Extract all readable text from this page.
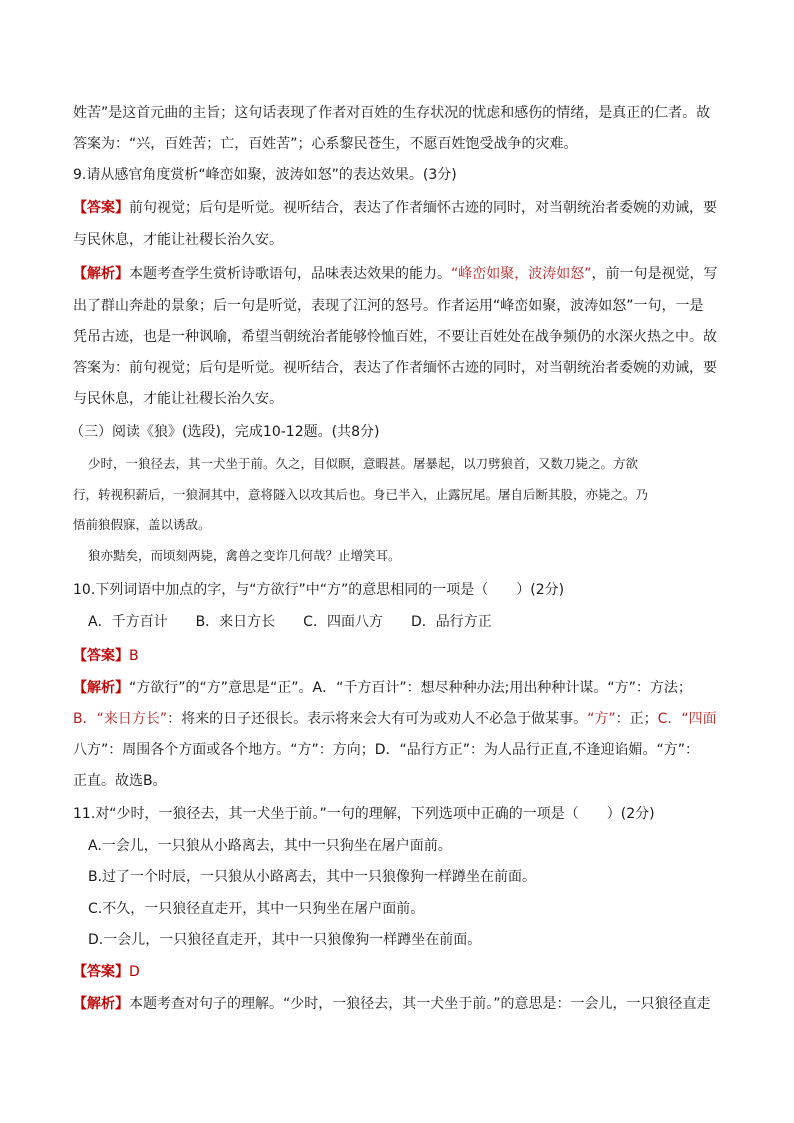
姓苦”是这首元曲的主旨；这句话表现了作者对百姓的生存状况的忧虑和感伤的情绪，是真正的仁者。故
答案为：“兴，百姓苦；亡，百姓苦”；心系黎民苍生，不愿百姓饱受战争的灾难。
9.请从感官角度赏析“峰峦如聚，波涛如怒”的表达效果。(3分)
【答案】前句视觉；后句是听觉。视听结合，表达了作者缅怀古迹的同时，对当朝统治者委婉的劝诫，要
与民休息，才能让社稷长治久安。
【解析】本题考查学生赏析诗歌语句，品味表达效果的能力。“峰峦如聚，波涛如怒”，前一句是视觉，写
出了群山奔赴的景象；后一句是听觉，表现了江河的怒号。作者运用“峰峦如聚，波涛如怒”一句，一是
凭吊古迹，也是一种讽喻，希望当朝统治者能够怜恤百姓，不要让百姓处在战争频仍的水深火热之中。故
答案为：前句视觉；后句是听觉。视听结合，表达了作者缅怀古迹的同时，对当朝统治者委婉的劝诫，要
与民休息，才能让社稷长治久安。
（三）阅读《狼》(选段)，完成10-12题。(共8分)
少时，一狼径去，其一犬坐于前。久之，目似瞑，意暇甚。屠暴起，以刀劈狼首，又数刀毙之。方欲
行，转视积薪后，一狼洞其中，意将隧入以攻其后也。身已半入，止露尻尾。屠自后断其股，亦毙之。乃
悟前狼假寐，盖以诱敌。
狼亦黠矣，而顷刻两毙，禽兽之变诈几何哉？止增笑耳。
10.下列词语中加点的字，与“方欲行”中“方”的意思相同的一项是（　　）(2分)
A．千方百计　　B．来日方长　　C．四面八方　　D．品行方正
【答案】B
【解析】“方欲行”的“方”意思是“正”。A．“千方百计”：想尽种种办法;用出种种计谋。“方”：方法；
B．“来日方长”：将来的日子还很长。表示将来会大有可为或劝人不必急于做某事。“方”：正；C．“四面
八方”：周围各个方面或各个地方。“方”：方向；D．“品行方正”：为人品行正直,不逢迎谄媚。“方”：
正直。故选B。
11.对“少时，一狼径去，其一犬坐于前。”一句的理解，下列选项中正确的一项是（　　）(2分)
A.一会儿，一只狼从小路离去，其中一只狗坐在屠户面前。
B.过了一个时辰，一只狼从小路离去，其中一只狼像狗一样蹲坐在前面。
C.不久，一只狼径直走开，其中一只狗坐在屠户面前。
D.一会儿，一只狼径直走开，其中一只狼像狗一样蹲坐在前面。
【答案】D
【解析】本题考查对句子的理解。“少时，一狼径去，其一犬坐于前。”的意思是：一会儿，一只狼径直走
